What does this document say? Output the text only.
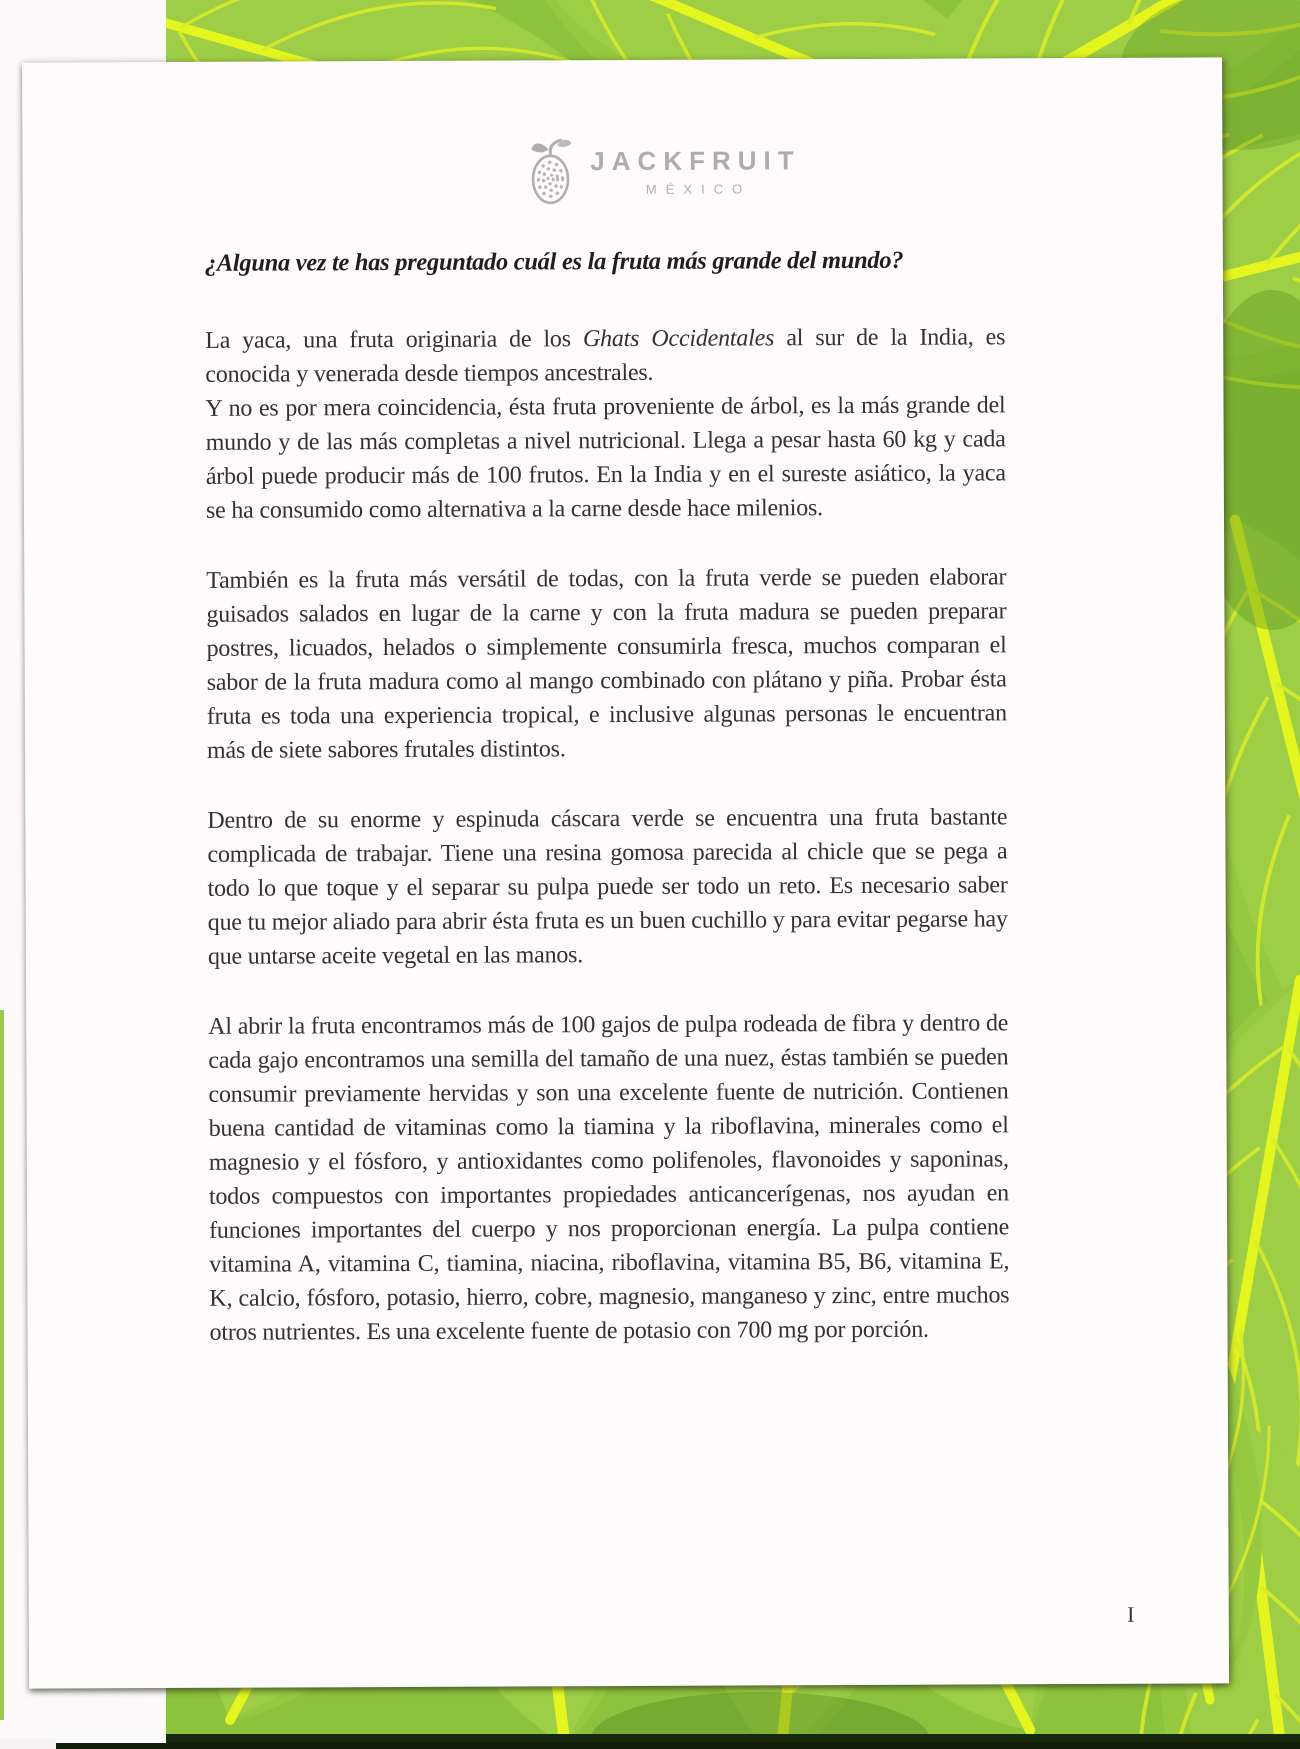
JACKFRUIT
MÉXICO
¿Alguna vez te has preguntado cuál es la fruta más grande del mundo?
La yaca, una fruta originaria de los Ghats Occidentales al sur de la India, es conocida y venerada desde tiempos ancestrales.
Y no es por mera coincidencia, ésta fruta proveniente de árbol, es la más grande del mundo y de las más completas a nivel nutricional. Llega a pesar hasta 60 kg y cada árbol puede producir más de 100 frutos. En la India y en el sureste asiático, la yaca se ha consumido como alternativa a la carne desde hace milenios.
También es la fruta más versátil de todas, con la fruta verde se pueden elaborar guisados salados en lugar de la carne y con la fruta madura se pueden preparar postres, licuados, helados o simplemente consumirla fresca, muchos comparan el sabor de la fruta madura como al mango combinado con plátano y piña. Probar ésta fruta es toda una experiencia tropical, e inclusive algunas personas le encuentran más de siete sabores frutales distintos.
Dentro de su enorme y espinuda cáscara verde se encuentra una fruta bastante complicada de trabajar. Tiene una resina gomosa parecida al chicle que se pega a todo lo que toque y el separar su pulpa puede ser todo un reto. Es necesario saber que tu mejor aliado para abrir ésta fruta es un buen cuchillo y para evitar pegarse hay que untarse aceite vegetal en las manos.
Al abrir la fruta encontramos más de 100 gajos de pulpa rodeada de fibra y dentro de cada gajo encontramos una semilla del tamaño de una nuez, éstas también se pueden consumir previamente hervidas y son una excelente fuente de nutrición. Contienen buena cantidad de vitaminas como la tiamina y la riboflavina, minerales como el magnesio y el fósforo, y antioxidantes como polifenoles, flavonoides y saponinas, todos compuestos con importantes propiedades anticancerígenas, nos ayudan en funciones importantes del cuerpo y nos proporcionan energía. La pulpa contiene vitamina A, vitamina C, tiamina, niacina, riboflavina, vitamina B5, B6, vitamina E, K, calcio, fósforo, potasio, hierro, cobre, magnesio, manganeso y zinc, entre muchos otros nutrientes. Es una excelente fuente de potasio con 700 mg por porción.
I
